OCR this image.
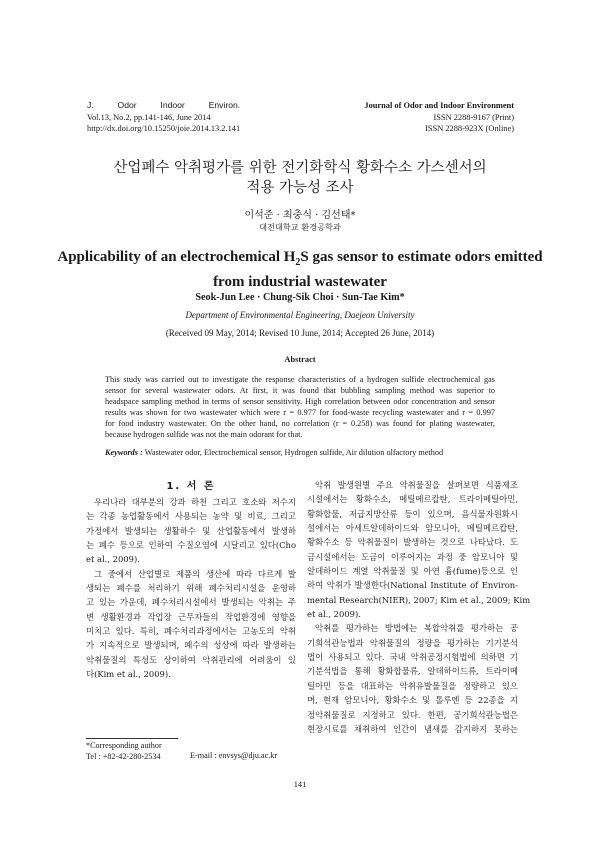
J. Odor Indoor Environ.
Vol.13, No.2, pp.141-146, June 2014
http://dx.doi.org/10.15250/joie.2014.13.2.141
Journal of Odor and Indoor Environment
ISSN 2288-9167 (Print)
ISSN 2288-923X (Online)
산업폐수 악취평가를 위한 전기화학식 황화수소 가스센서의
적용 가능성 조사
이석준 · 최충식 · 김선태*
대전대학교 환경공학과
Applicability of an electrochemical $H_2S$ gas sensor to estimate odors emitted
from industrial wastewater
Seok-Jun Lee · Chung-Sik Choi · Sun-Tae Kim*
Department of Environmental Engineering, Daejeon University
(Received 09 May, 2014; Revised 10 June, 2014; Accepted 26 June, 2014)
Abstract
This study was carried out to investigate the response characteristics of a hydrogen sulfide electrochemical gas
sensor for several wastewater odors. At first, it was found that bubbling sampling method was superior to
headspace sampling method in terms of sensor sensitivity. High correlation between odor concentration and sensor
results was shown for two wastewater which were r = 0.977 for food-waste recycling wastewater and r = 0.997
for food industry wastewater. On the other hand, no correlation (r = 0.258) was found for plating wastewater,
because hydrogen sulfide was not the main odorant for that.
Keywords : Wastewater odor, Electrochemical sensor, Hydrogen sulfide, Air dilution olfactory method
1. 서 론
우리나라 대부분의 강과 하천 그리고 호소와 저수지
는 각종 농업활동에서 사용되는 농약 및 비료, 그리고
가정에서 발생되는 생활하수 및 산업활동에서 발생하
는 폐수 등으로 인하여 수질오염에 시달리고 있다(Cho
et al., 2009).
그 중에서 산업별로 제품의 생산에 따라 다르게 발
생되는 폐수를 처리하기 위해 폐수처리시설을 운영하
고 있는 가운데, 폐수처리시설에서 발생되는 악취는 주
변 생활환경과 작업장 근무자들의 작업환경에 영향을
미치고 있다. 특히, 폐수처리과정에서는 고농도의 악취
가 지속적으로 발생되며, 폐수의 성상에 따라 발생하는
악취물질의 특성도 상이하여 악취관리에 어려움이 있
다(Kim et al., 2009).
악취 발생원별 주요 악취물질을 살펴보면 식품제조
시설에서는 황화수소, 메틸메르캅탄, 트라이메틸아민,
황화합물, 저급지방산류 등이 있으며, 음식물자원화시
설에서는 아세트알데하이드와 암모니아, 메틸메르캅탄,
황화수소 등 악취물질이 발생하는 것으로 나타났다. 도
금시설에서는 도금이 이루어지는 과정 중 암모니아 및
알데하이드 계열 악취물질 및 아연 흄(fume)등으로 인
하여 악취가 발생한다(National Institute of Environ-
mental Research(NIER), 2007; Kim et al., 2009; Kim
et al., 2009).
악취를 평가하는 방법에는 복합악취를 평가하는 공
기희석관능법과 악취물질의 정량을 평가하는 기기분석
법이 사용되고 있다. 국내 악취공정시험법에 의하면 기
기분석법을 통해 황화합물류, 알데하이드류, 트라이메
틸아민 등을 대표하는 악취유발물질을 정량하고 있으
며, 현재 암모니아, 황화수소 및 톨루엔 등 22종을 지
정악취물질로 지정하고 있다. 한편, 공기희석관능법은
현장시료를 채취하여 인간이 냄새를 감지하지 못하는
*Corresponding author
Tel : +82-42-280-2534	E-mail : envsys@dju.ac.kr
141
